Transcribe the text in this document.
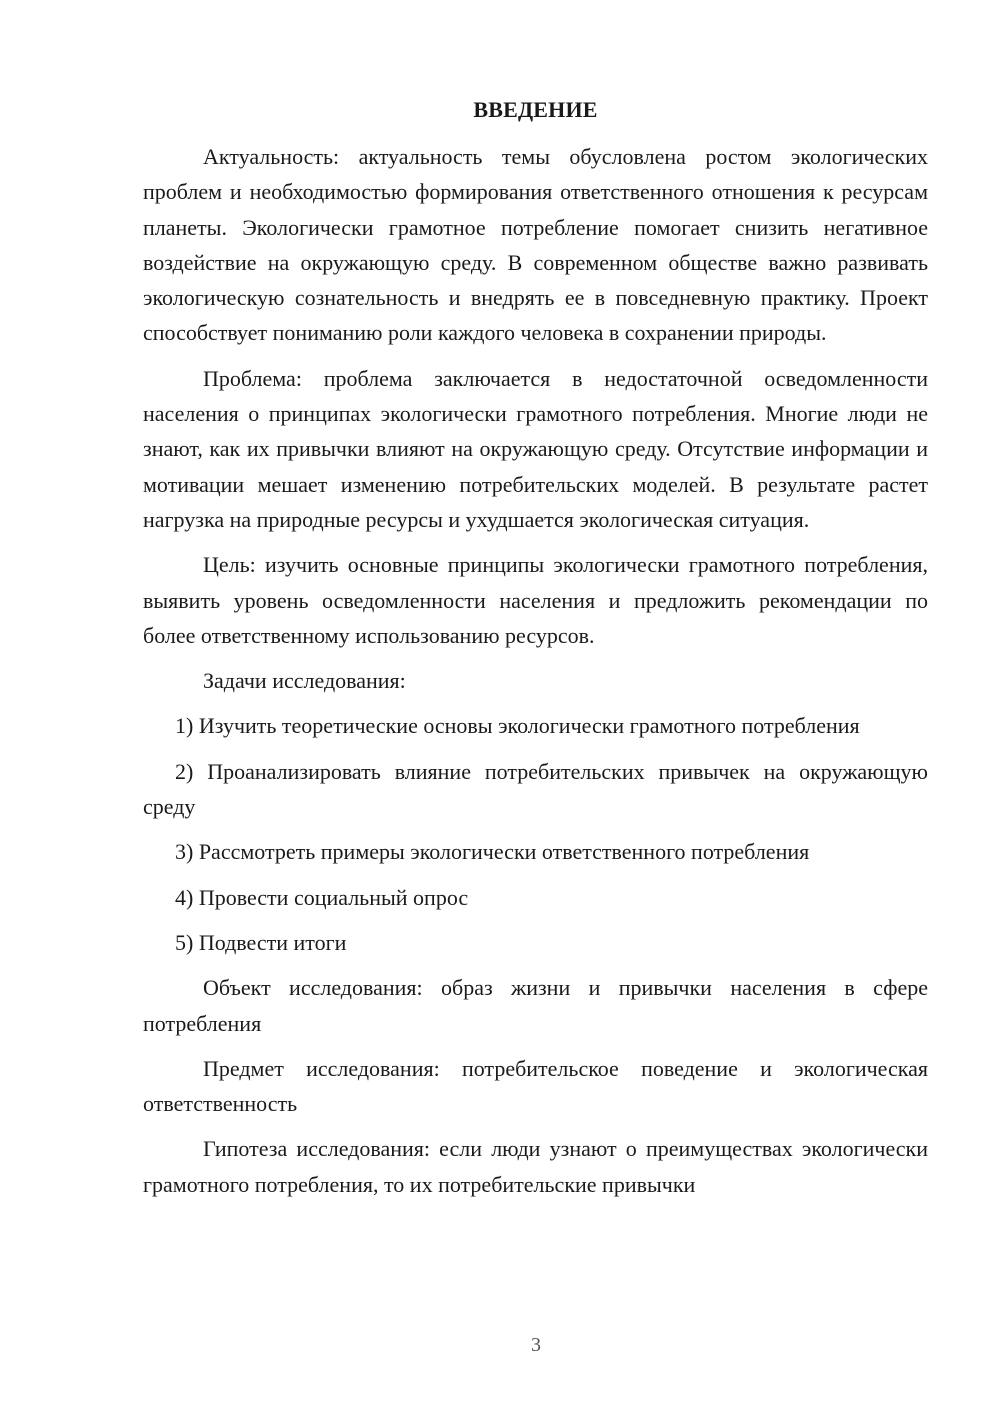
ВВЕДЕНИЕ

Актуальность: актуальность темы обусловлена ростом экологических проблем и необходимостью формирования ответственного отношения к ресурсам планеты. Экологически грамотное потребление помогает снизить негативное воздействие на окружающую среду. В современном обществе важно развивать экологическую сознательность и внедрять ее в повседневную практику. Проект способствует пониманию роли каждого человека в сохранении природы.

Проблема: проблема заключается в недостаточной осведомленности населения о принципах экологически грамотного потребления. Многие люди не знают, как их привычки влияют на окружающую среду. Отсутствие информации и мотивации мешает изменению потребительских моделей. В результате растет нагрузка на природные ресурсы и ухудшается экологическая ситуация.

Цель: изучить основные принципы экологически грамотного потребления, выявить уровень осведомленности населения и предложить рекомендации по более ответственному использованию ресурсов.

Задачи исследования:

1) Изучить теоретические основы экологически грамотного потребления

2) Проанализировать влияние потребительских привычек на окружающую среду

3) Рассмотреть примеры экологически ответственного потребления

4) Провести социальный опрос

5) Подвести итоги

Объект исследования: образ жизни и привычки населения в сфере потребления

Предмет исследования: потребительское поведение и экологическая ответственность

Гипотеза исследования: если люди узнают о преимуществах экологически грамотного потребления, то их потребительские привычки

3
